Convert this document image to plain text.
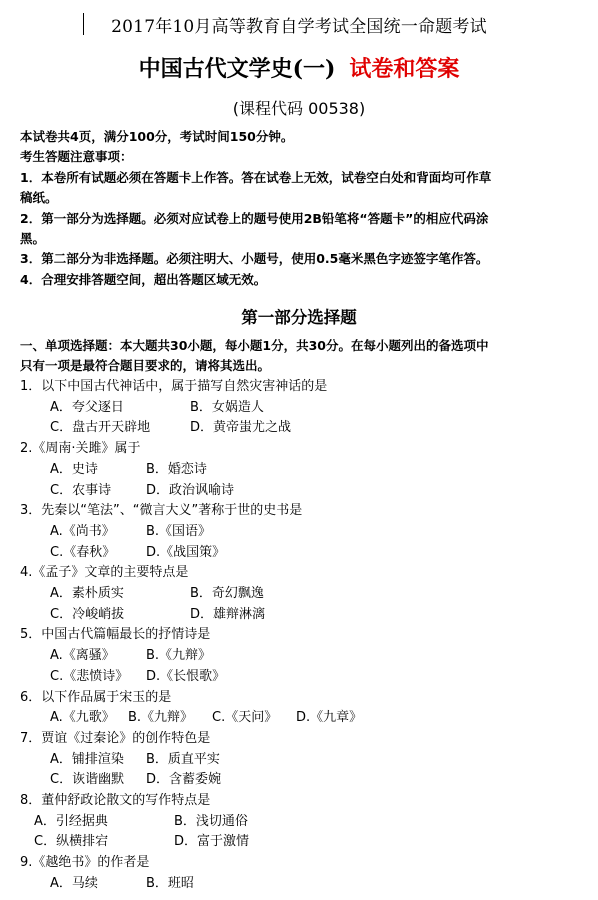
2017年10月高等教育自学考试全国统一命题考试
中国古代文学史(一) 试卷和答案
(课程代码 00538)

本试卷共4页，满分100分，考试时间150分钟。

考生答题注意事项：

1．本卷所有试题必须在答题卡上作答。答在试卷上无效，试卷空白处和背面均可作草

稿纸。

2．第一部分为选择题。必须对应试卷上的题号使用2B铅笔将“答题卡”的相应代码涂

黑。

3．第二部分为非选择题。必须注明大、小题号，使用0.5毫米黑色字迹签字笔作答。

4．合理安排答题空间，超出答题区域无效。

第一部分选择题
一、单项选择题：本大题共30小题，每小题1分，共30分。在每小题列出的备选项中
只有一项是最符合题目要求的，请将其选出。
1．以下中国古代神话中，属于描写自然灾害神话的是
A．夸父逐日	B．女娲造人
C．盘古开天辟地	D．黄帝蚩尤之战
2.《周南·关雎》属于
A．史诗	B．婚恋诗
C．农事诗	D．政治讽喻诗
3．先秦以“笔法”、“微言大义”著称于世的史书是
A.《尚书》 B.《国语》
C.《春秋》 D.《战国策》
4.《孟子》文章的主要特点是
A．素朴质实	B．奇幻飘逸
C．冷峻峭拔	D．雄辩淋漓
5．中国古代篇幅最长的抒情诗是
A.《离骚》 B.《九辩》
C.《悲愤诗》 D.《长恨歌》
6．以下作品属于宋玉的是
A.《九歌》 B.《九辩》 C.《天问》 D.《九章》
7．贾谊《过秦论》的创作特色是
A．铺排渲染 B．质直平实
C．诙谐幽默 D．含蓄委婉
8．董仲舒政论散文的写作特点是
A．引经据典	B．浅切通俗
C．纵横排宕	D．富于激情
9.《越绝书》的作者是
A．马续	B．班昭
